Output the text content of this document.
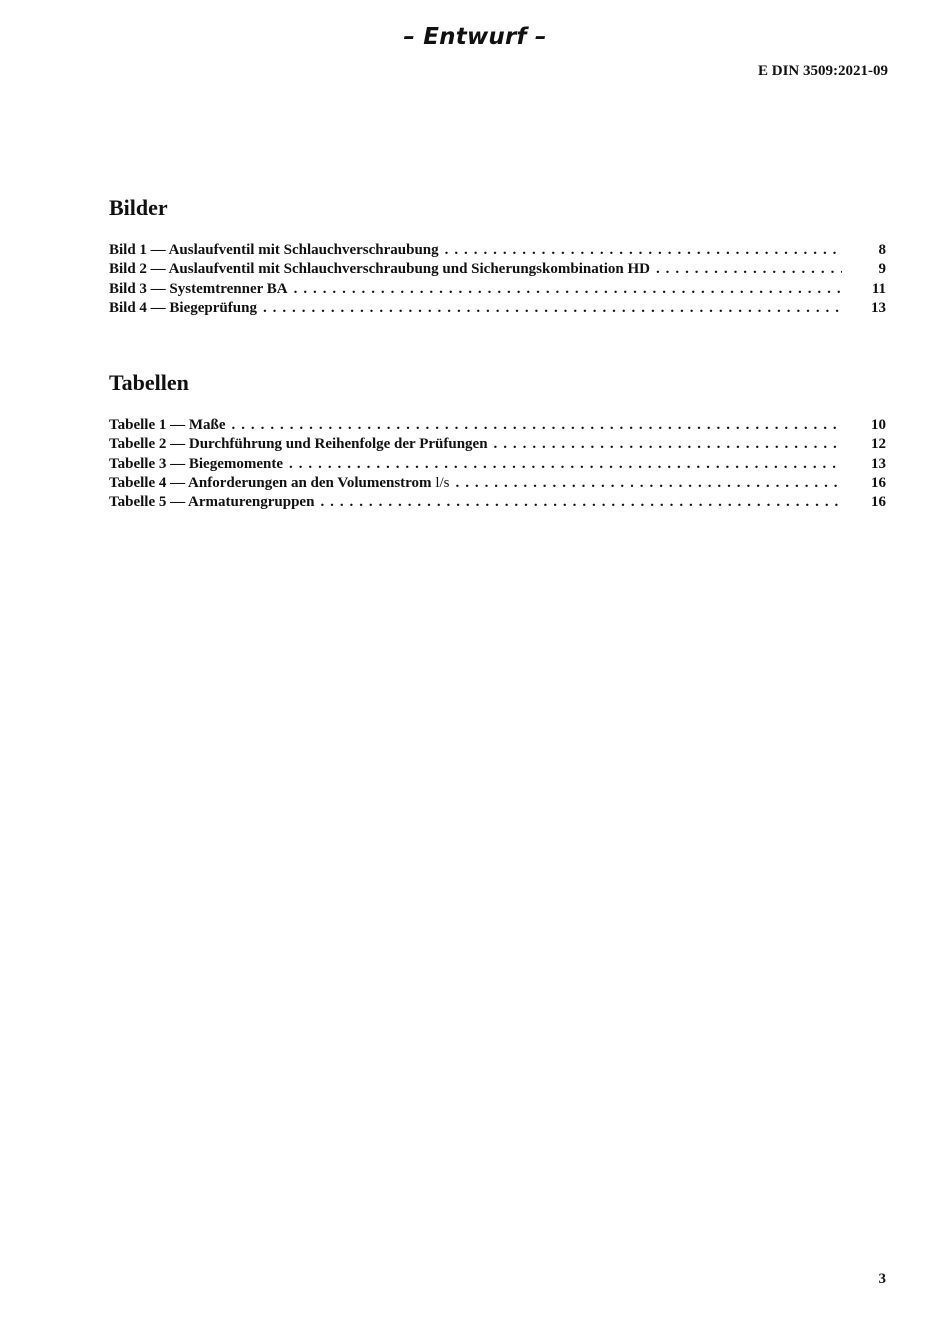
– Entwurf –
E DIN 3509:2021-09
Bilder
Bild 1 — Auslaufventil mit Schlauchverschraubung . . .	8
Bild 2 — Auslaufventil mit Schlauchverschraubung und Sicherungskombination HD . . .	9
Bild 3 — Systemtrenner BA . . .	11
Bild 4 — Biegeprüfung . . .	13
Tabellen
Tabelle 1 — Maße . . .	10
Tabelle 2 — Durchführung und Reihenfolge der Prüfungen . . .	12
Tabelle 3 — Biegemomente . . .	13
Tabelle 4 — Anforderungen an den Volumenstrom l/s . . .	16
Tabelle 5 — Armaturengruppen . . .	16
3
